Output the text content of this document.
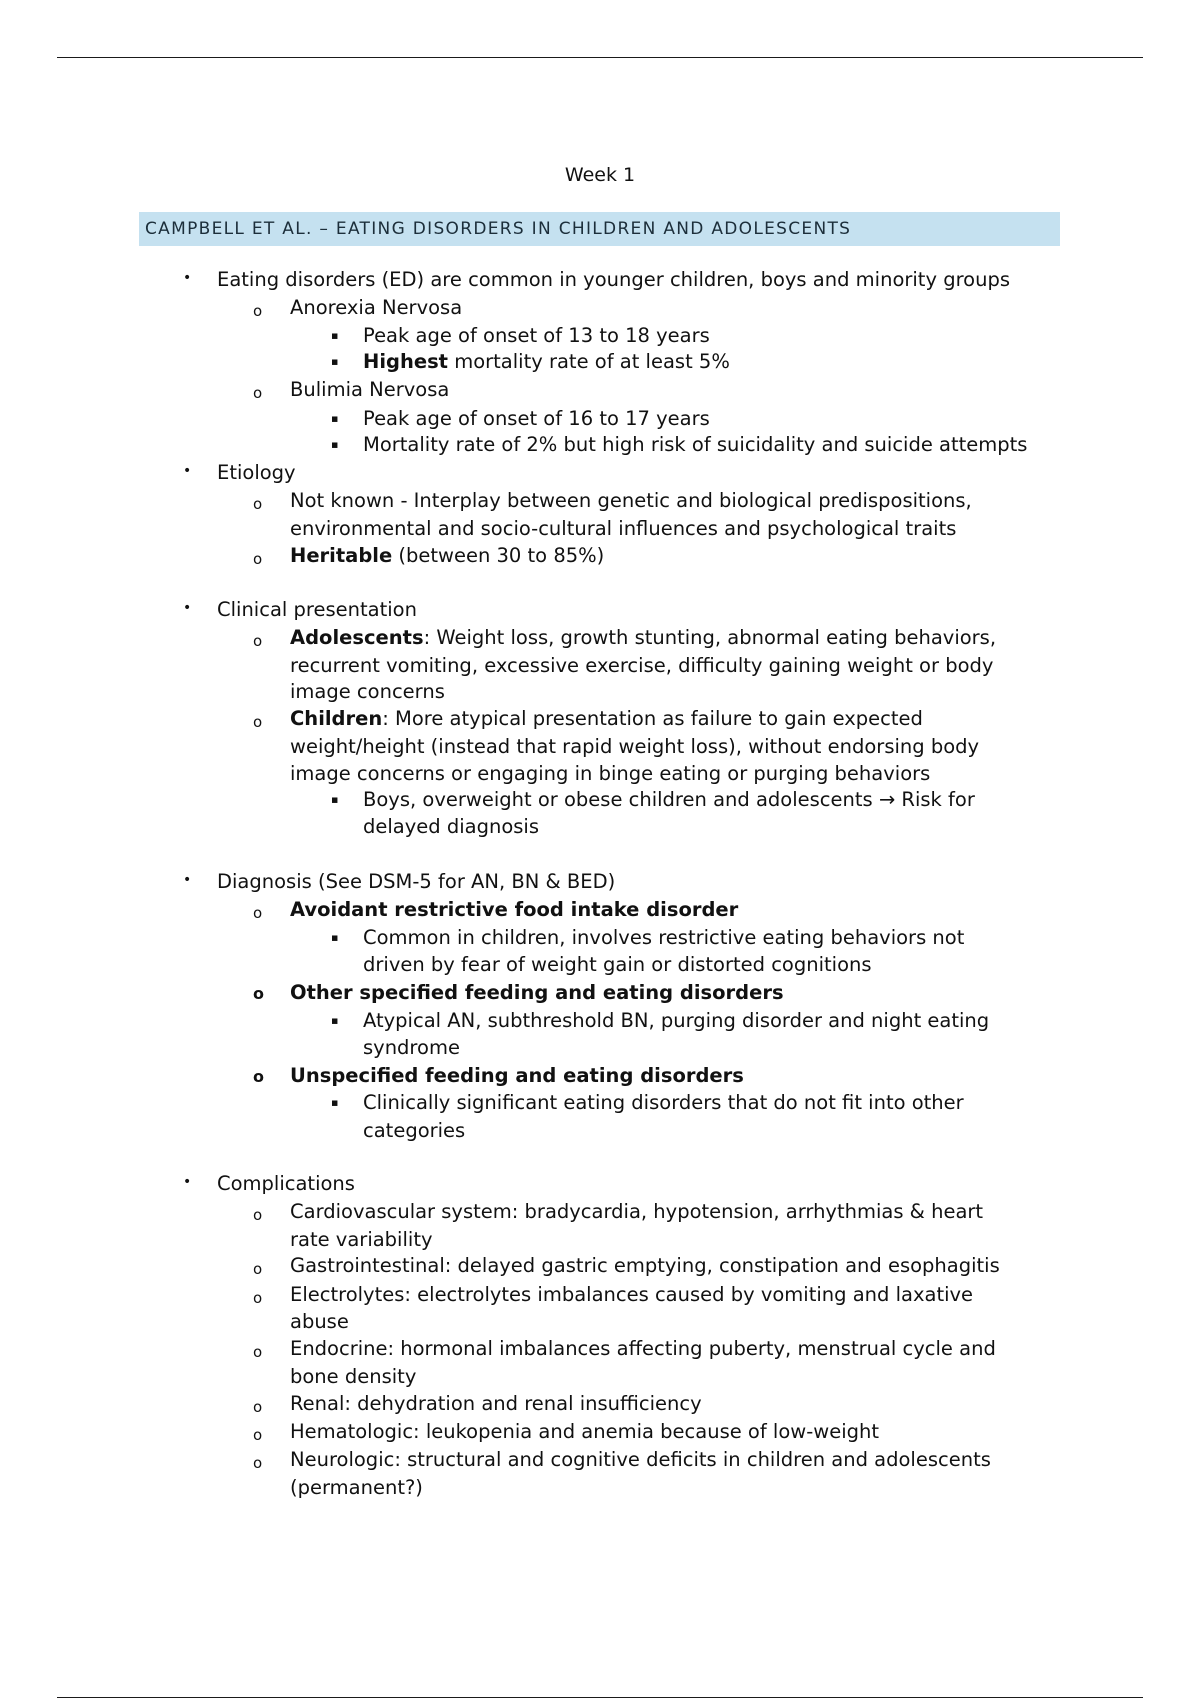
Week 1
CAMPBELL ET AL. – EATING DISORDERS IN CHILDREN AND ADOLESCENTS
• Eating disorders (ED) are common in younger children, boys and minority groups
o Anorexia Nervosa
▪ Peak age of onset of 13 to 18 years
▪ Highest mortality rate of at least 5%
o Bulimia Nervosa
▪ Peak age of onset of 16 to 17 years
▪ Mortality rate of 2% but high risk of suicidality and suicide attempts
• Etiology
o Not known - Interplay between genetic and biological predispositions,
environmental and socio-cultural influences and psychological traits
o Heritable (between 30 to 85%)
• Clinical presentation
o Adolescents: Weight loss, growth stunting, abnormal eating behaviors,
recurrent vomiting, excessive exercise, difficulty gaining weight or body
image concerns
o Children: More atypical presentation as failure to gain expected
weight/height (instead that rapid weight loss), without endorsing body
image concerns or engaging in binge eating or purging behaviors
▪ Boys, overweight or obese children and adolescents → Risk for
delayed diagnosis
• Diagnosis (See DSM-5 for AN, BN & BED)
o Avoidant restrictive food intake disorder
▪ Common in children, involves restrictive eating behaviors not
driven by fear of weight gain or distorted cognitions
o Other specified feeding and eating disorders
▪ Atypical AN, subthreshold BN, purging disorder and night eating
syndrome
o Unspecified feeding and eating disorders
▪ Clinically significant eating disorders that do not fit into other
categories
• Complications
o Cardiovascular system: bradycardia, hypotension, arrhythmias & heart
rate variability
o Gastrointestinal: delayed gastric emptying, constipation and esophagitis
o Electrolytes: electrolytes imbalances caused by vomiting and laxative
abuse
o Endocrine: hormonal imbalances affecting puberty, menstrual cycle and
bone density
o Renal: dehydration and renal insufficiency
o Hematologic: leukopenia and anemia because of low-weight
o Neurologic: structural and cognitive deficits in children and adolescents
(permanent?)
